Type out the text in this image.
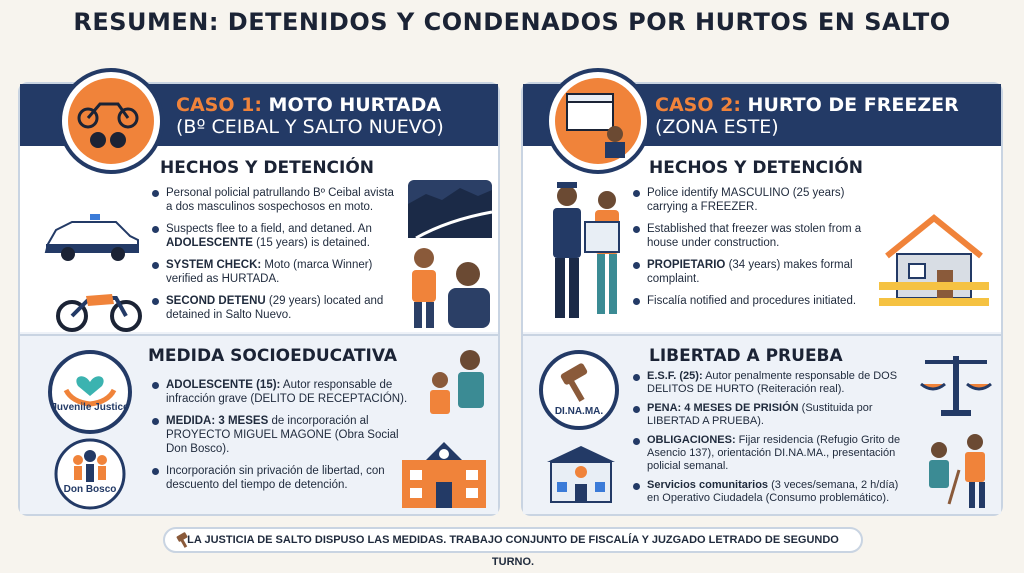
RESUMEN: DETENIDOS Y CONDENADOS POR HURTOS EN SALTO
CASO 1: MOTO HURTADA
(Bº CEIBAL Y SALTO NUEVO)
HECHOS Y DETENCIÓN
Personal policial patrullando Bº Ceibal avista a dos masculinos sospechosos en moto.
Suspects flee to a field, and detaned. An ADOLESCENTE (15 years) is detained.
SYSTEM CHECK: Moto (marca Winner) verified as HURTADA.
SECOND DETENU (29 years) located and detained in Salto Nuevo.
MEDIDA SOCIOEDUCATIVA
ADOLESCENTE (15): Autor responsable de infracción grave (DELITO DE RECEPTACIÓN).
MEDIDA: 3 MESES de incorporación al PROYECTO MIGUEL MAGONE (Obra Social Don Bosco).
Incorporación sin privación de libertad, con descuento del tiempo de detención.
Juvenile Justice
Don Bosco
CASO 2: HURTO DE FREEZER
(ZONA ESTE)
HECHOS Y DETENCIÓN
Police identify MASCULINO (25 years) carrying a FREEZER.
Established that freezer was stolen from a house under construction.
PROPIETARIO (34 years) makes formal complaint.
Fiscalía notified and procedures initiated.
LIBERTAD A PRUEBA
E.S.F. (25): Autor penalmente responsable de DOS DELITOS DE HURTO (Reiteración real).
PENA: 4 MESES DE PRISIÓN (Sustituida por LIBERTAD A PRUEBA).
OBLIGACIONES: Fijar residencia (Refugio Grito de Asencio 137), orientación DI.NA.MA., presentación policial semanal.
Servicios comunitarios (3 veces/semana, 2 h/día) en Operativo Ciudadela (Consumo problemático).
DI.NA.MA.
LA JUSTICIA DE SALTO DISPUSO LAS MEDIDAS. TRABAJO CONJUNTO DE FISCALÍA Y JUZGADO LETRADO DE SEGUNDO TURNO.
